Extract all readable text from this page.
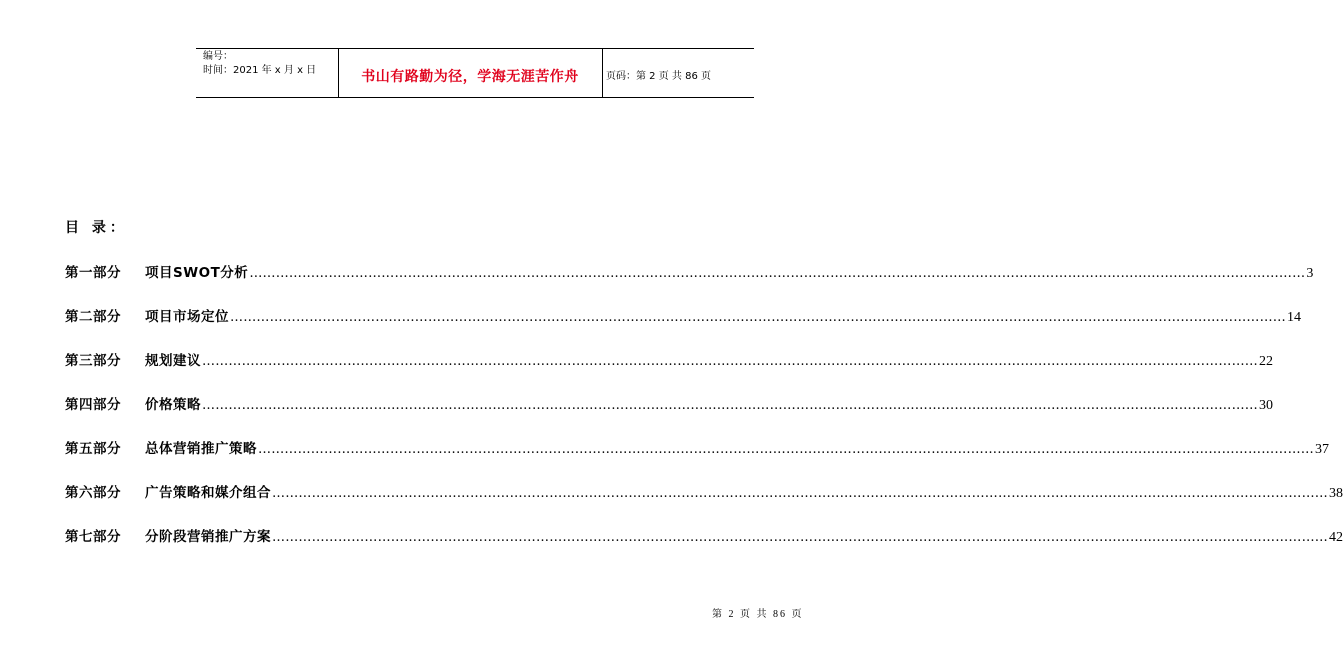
编号：
时间：2021 年 x 月 x 日	书山有路勤为径，学海无涯苦作舟	页码：第 2 页 共 86 页
目 录：
第一部分	项目SWOT分析 …………………………………………………………………………………………………………………………………………………………………………………………………………………… 3
第二部分	项目市场定位 …………………………………………………………………………………………………………………………………………………………………………………………………………………… 14
第三部分	规划建议 …………………………………………………………………………………………………………………………………………………………………………………………………………………… 22
第四部分	价格策略 …………………………………………………………………………………………………………………………………………………………………………………………………………………… 30
第五部分	总体营销推广策略 …………………………………………………………………………………………………………………………………………………………………………………………………………………… 37
第六部分	广告策略和媒介组合 …………………………………………………………………………………………………………………………………………………………………………………………………………………… 38
第七部分	分阶段营销推广方案 …………………………………………………………………………………………………………………………………………………………………………………………………………………… 42
第 2 页 共 86 页
